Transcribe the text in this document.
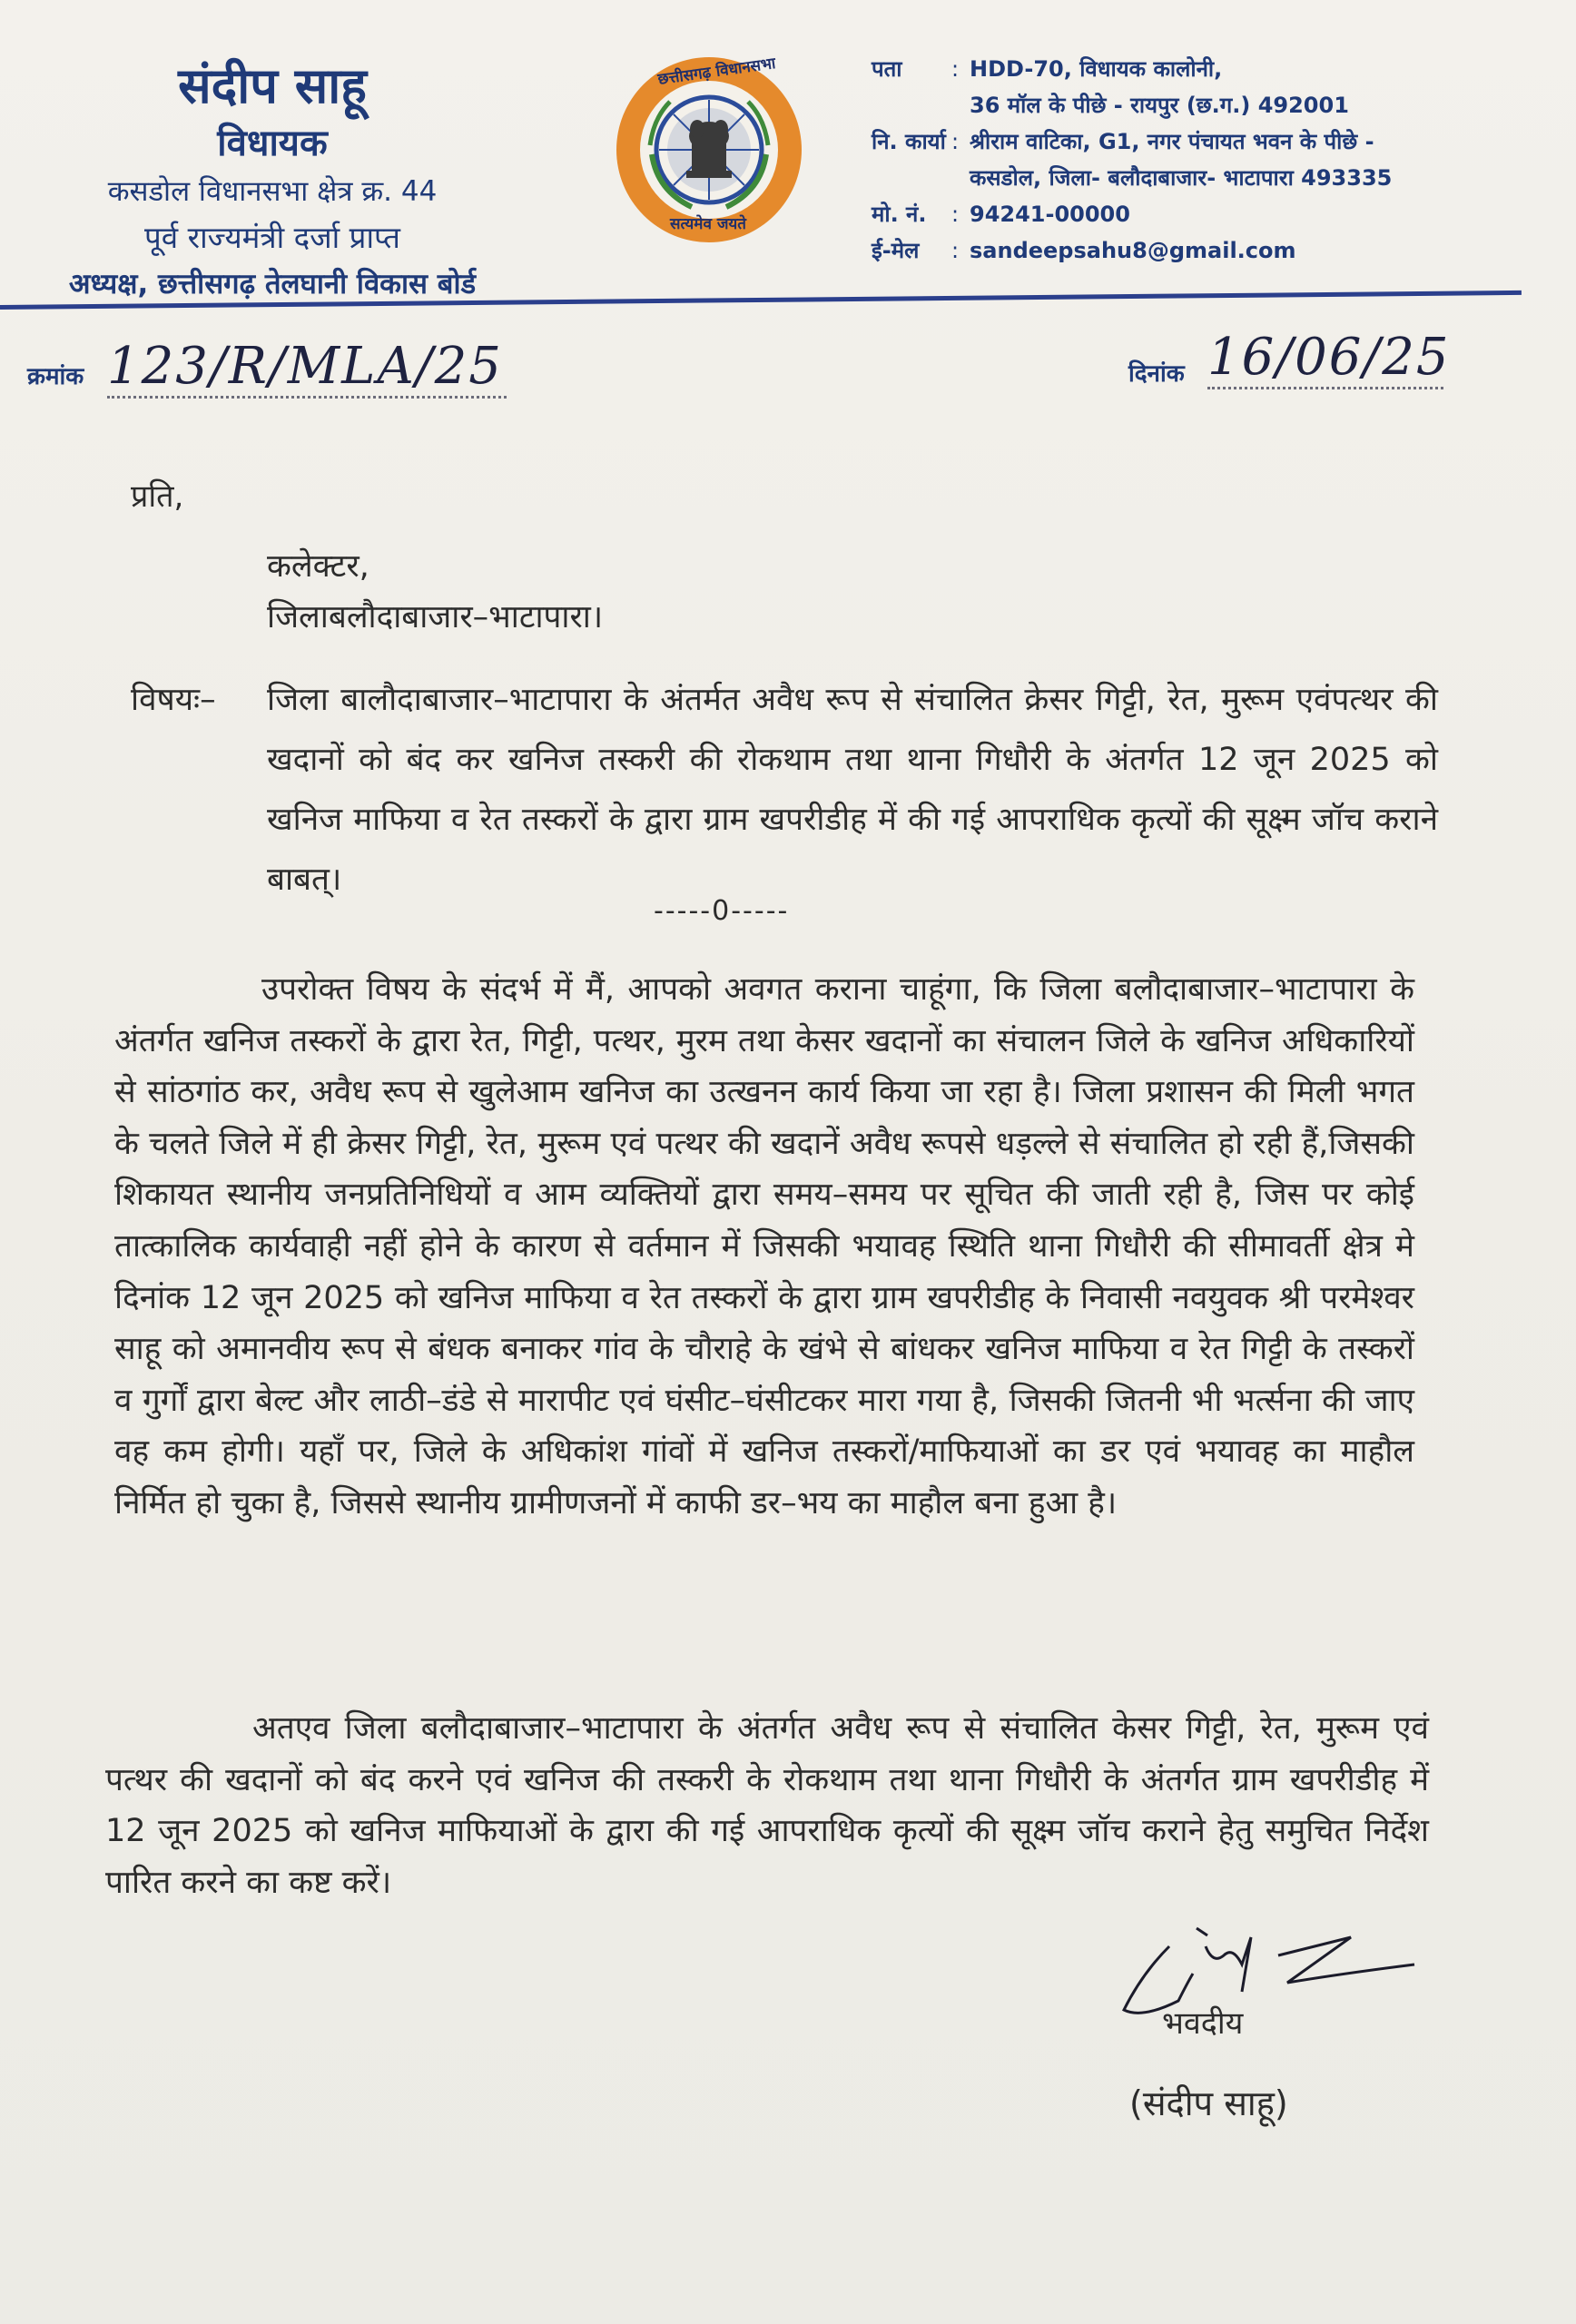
संदीप साहू
विधायक
कसडोल विधानसभा क्षेत्र क्र. 44
पूर्व राज्यमंत्री दर्जा प्राप्त
अध्यक्ष, छत्तीसगढ़ तेलघानी विकास बोर्ड
छत्तीसगढ़ विधानसभा
सत्यमेव जयते
पता	: HDD-70, विधायक कालोनी,
36 मॉल के पीछे - रायपुर (छ.ग.) 492001
नि. कार्या : श्रीराम वाटिका, G1, नगर पंचायत भवन के पीछे -
कसडोल, जिला- बलौदाबाजार- भाटापारा 493335
मो. नं.	: 94241-00000
ई-मेल	: sandeepsahu8@gmail.com
क्रमांक 123/R/MLA/25	दिनांक 16/06/25
प्रति,
कलेक्टर,
जिलाबलौदाबाजार–भाटापारा।
विषयः–	जिला बालौदाबाजार–भाटापारा के अंतर्मत अवैध रूप से संचालित क्रेसर गिट्टी, रेत, मुरूम एवंपत्थर की खदानों को बंद कर खनिज तस्करी की रोकथाम तथा थाना गिधौरी के अंतर्गत 12 जून 2025 को खनिज माफिया व रेत तस्करों के द्वारा ग्राम खपरीडीह में की गई आपराधिक कृत्यों की सूक्ष्म जॉच कराने बाबत्।
-----0-----
उपरोक्त विषय के संदर्भ में मैं, आपको अवगत कराना चाहूंगा, कि जिला बलौदाबाजार–भाटापारा के अंतर्गत खनिज तस्करों के द्वारा रेत, गिट्टी, पत्थर, मुरम तथा केसर खदानों का संचालन जिले के खनिज अधिकारियों से सांठगांठ कर, अवैध रूप से खुलेआम खनिज का उत्खनन कार्य किया जा रहा है। जिला प्रशासन की मिली भगत के चलते जिले में ही क्रेसर गिट्टी, रेत, मुरूम एवं पत्थर की खदानें अवैध रूपसे धड़ल्ले से संचालित हो रही हैं,जिसकी शिकायत स्थानीय जनप्रतिनिधियों व आम व्यक्तियों द्वारा समय–समय पर सूचित की जाती रही है, जिस पर कोई तात्कालिक कार्यवाही नहीं होने के कारण से वर्तमान में जिसकी भयावह स्थिति थाना गिधौरी की सीमावर्ती क्षेत्र मे दिनांक 12 जून 2025 को खनिज माफिया व रेत तस्करों के द्वारा ग्राम खपरीडीह के निवासी नवयुवक श्री परमेश्वर साहू को अमानवीय रूप से बंधक बनाकर गांव के चौराहे के खंभे से बांधकर खनिज माफिया व रेत गिट्टी के तस्करों व गुर्गों द्वारा बेल्ट और लाठी–डंडे से मारापीट एवं घंसीट–घंसीटकर मारा गया है, जिसकी जितनी भी भर्त्सना की जाए वह कम होगी। यहॉं पर, जिले के अधिकांश गांवों में खनिज तस्करों/माफियाओं का डर एवं भयावह का माहौल निर्मित हो चुका है, जिससे स्थानीय ग्रामीणजनों में काफी डर–भय का माहौल बना हुआ है।
अतएव जिला बलौदाबाजार–भाटापारा के अंतर्गत अवैध रूप से संचालित केसर गिट्टी, रेत, मुरूम एवं पत्थर की खदानों को बंद करने एवं खनिज की तस्करी के रोकथाम तथा थाना गिधौरी के अंतर्गत ग्राम खपरीडीह में 12 जून 2025 को खनिज माफियाओं के द्वारा की गई आपराधिक कृत्यों की सूक्ष्म जॉच कराने हेतु समुचित निर्देश पारित करने का कष्ट करें।
भवदीय
(संदीप साहू)
